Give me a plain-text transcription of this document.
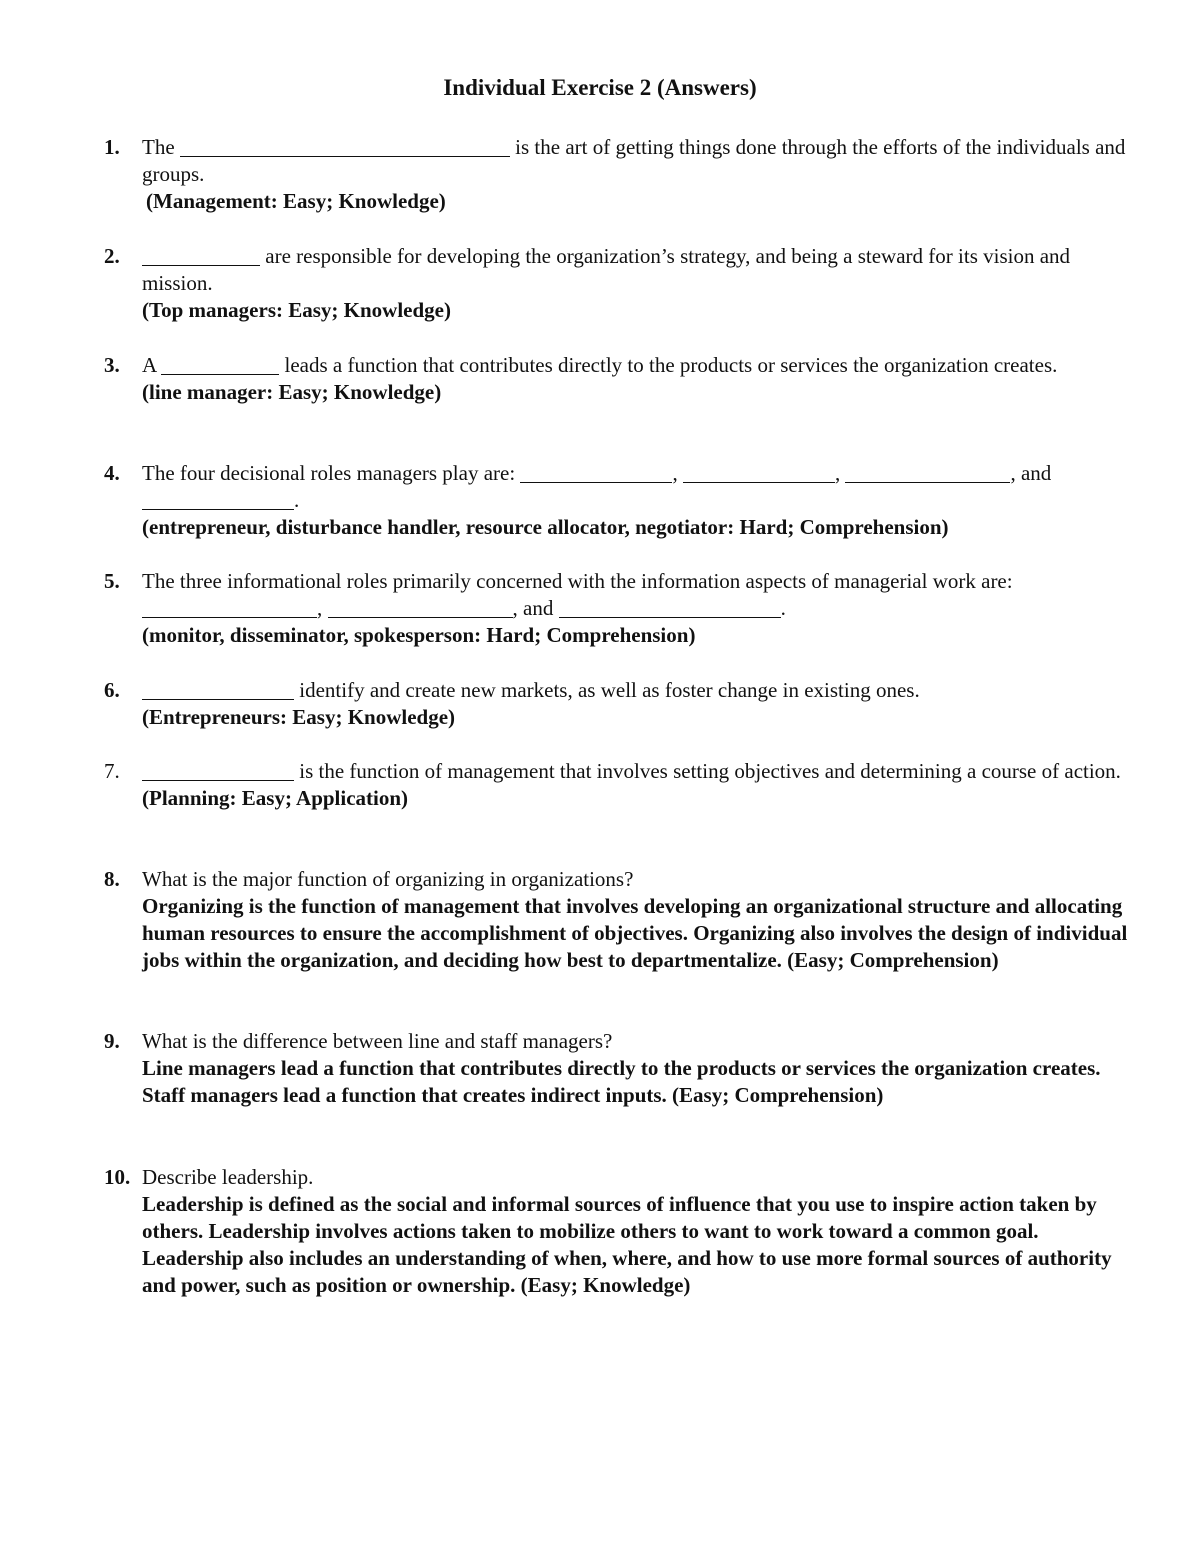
Individual Exercise 2 (Answers)
1. The	is the art of getting things done through the efforts of the individuals and groups.
(Management: Easy; Knowledge)
2.	are responsible for developing the organization’s strategy, and being a steward for its vision and mission.
(Top managers: Easy; Knowledge)
3. A	leads a function that contributes directly to the products or services the organization creates.
(line manager: Easy; Knowledge)
4. The four decisional roles managers play are:	,	,	, and
.
(entrepreneur, disturbance handler, resource allocator, negotiator: Hard; Comprehension)
5. The three informational roles primarily concerned with the information aspects of managerial work are:
,	, and	.
(monitor, disseminator, spokesperson: Hard; Comprehension)
6.	identify and create new markets, as well as foster change in existing ones.
(Entrepreneurs: Easy; Knowledge)
7.	is the function of management that involves setting objectives and determining a course of action.
(Planning: Easy; Application)
8. What is the major function of organizing in organizations?
Organizing is the function of management that involves developing an organizational structure and allocating human resources to ensure the accomplishment of objectives. Organizing also involves the design of individual jobs within the organization, and deciding how best to departmentalize. (Easy; Comprehension)
9. What is the difference between line and staff managers?
Line managers lead a function that contributes directly to the products or services the organization creates. Staff managers lead a function that creates indirect inputs. (Easy; Comprehension)
10. Describe leadership.
Leadership is defined as the social and informal sources of influence that you use to inspire action taken by others. Leadership involves actions taken to mobilize others to want to work toward a common goal. Leadership also includes an understanding of when, where, and how to use more formal sources of authority and power, such as position or ownership. (Easy; Knowledge)
